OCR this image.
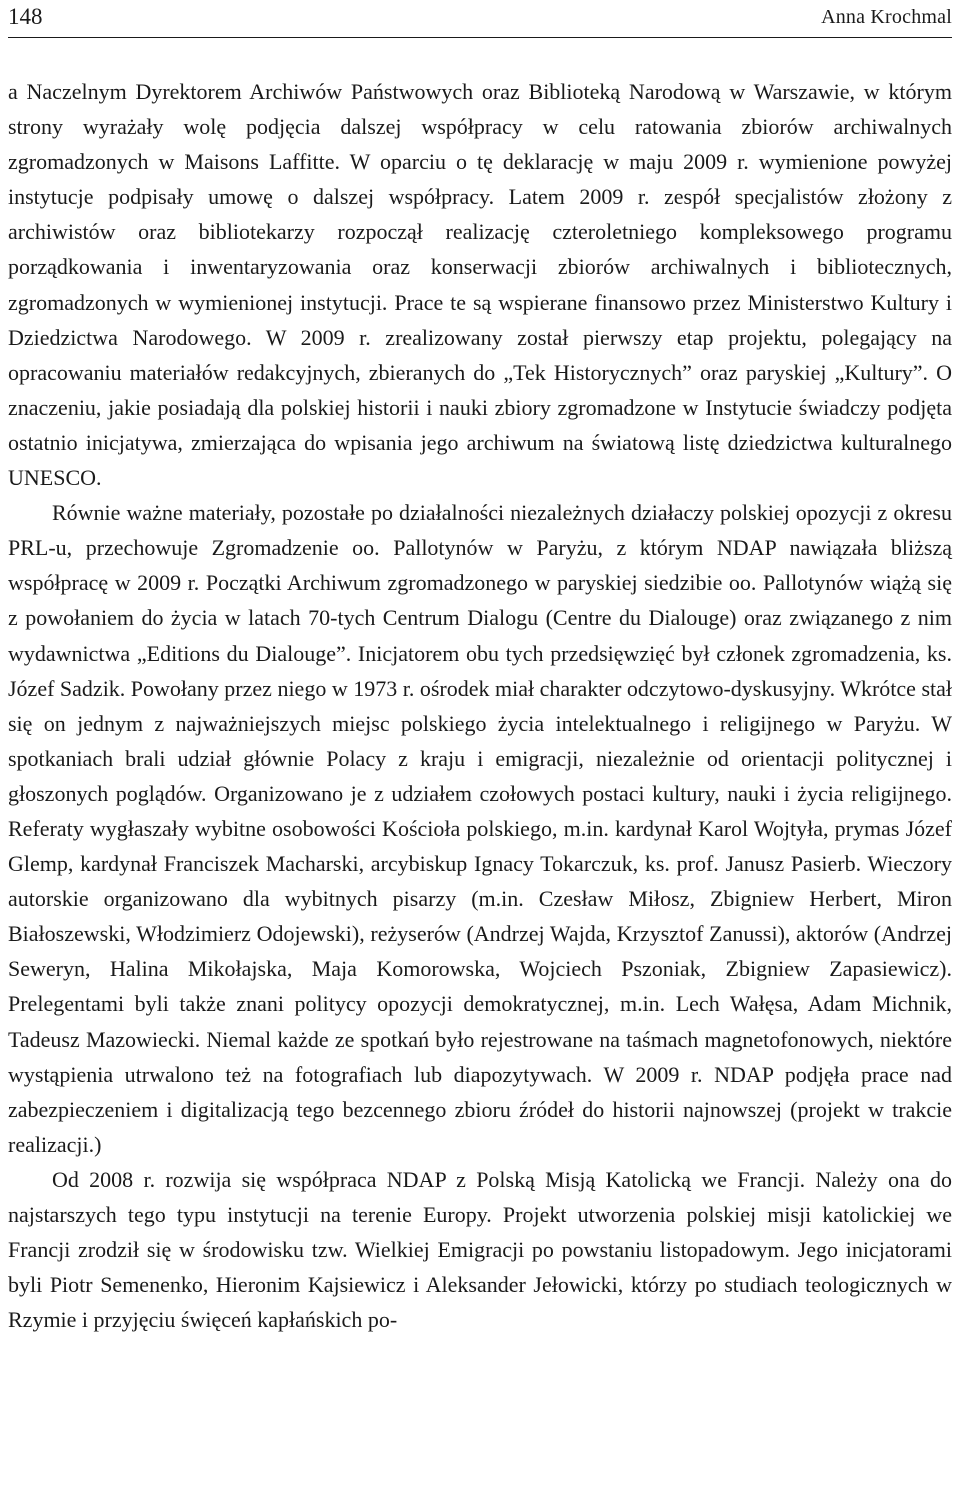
148	Anna Krochmal

a Naczelnym Dyrektorem Archiwów Państwowych oraz Biblioteką Narodową w Warszawie, w którym strony wyrażały wolę podjęcia dalszej współpracy w celu ratowania zbiorów archiwalnych zgromadzonych w Maisons Laffitte. W oparciu o tę deklarację w maju 2009 r. wymienione powyżej instytucje podpisały umowę o dalszej współpracy. Latem 2009 r. zespół specjalistów złożony z archiwistów oraz bibliotekarzy rozpoczął realizację czteroletniego kompleksowego programu porządkowania i inwentaryzowania oraz konserwacji zbiorów archiwalnych i bibliotecznych, zgromadzonych w wymienionej instytucji. Prace te są wspierane finansowo przez Ministerstwo Kultury i Dziedzictwa Narodowego. W 2009 r. zrealizowany został pierwszy etap projektu, polegający na opracowaniu materiałów redakcyjnych, zbieranych do „Tek Historycznych” oraz paryskiej „Kultury”. O znaczeniu, jakie posiadają dla polskiej historii i nauki zbiory zgromadzone w Instytucie świadczy podjęta ostatnio inicjatywa, zmierzająca do wpisania jego archiwum na światową listę dziedzictwa kulturalnego UNESCO.

Równie ważne materiały, pozostałe po działalności niezależnych działaczy polskiej opozycji z okresu PRL-u, przechowuje Zgromadzenie oo. Pallotynów w Paryżu, z którym NDAP nawiązała bliższą współpracę w 2009 r. Początki Archiwum zgromadzonego w paryskiej siedzibie oo. Pallotynów wiążą się z powołaniem do życia w latach 70-tych Centrum Dialogu (Centre du Dialouge) oraz związanego z nim wydawnictwa „Editions du Dialouge”. Inicjatorem obu tych przedsięwzięć był członek zgromadzenia, ks. Józef Sadzik. Powołany przez niego w 1973 r. ośrodek miał charakter odczytowo-dyskusyjny. Wkrótce stał się on jednym z najważniejszych miejsc polskiego życia intelektualnego i religijnego w Paryżu. W spotkaniach brali udział głównie Polacy z kraju i emigracji, niezależnie od orientacji politycznej i głoszonych poglądów. Organizowano je z udziałem czołowych postaci kultury, nauki i życia religijnego. Referaty wygłaszały wybitne osobowości Kościoła polskiego, m.in. kardynał Karol Wojtyła, prymas Józef Glemp, kardynał Franciszek Macharski, arcybiskup Ignacy Tokarczuk, ks. prof. Janusz Pasierb. Wieczory autorskie organizowano dla wybitnych pisarzy (m.in. Czesław Miłosz, Zbigniew Herbert, Miron Białoszewski, Włodzimierz Odojewski), reżyserów (Andrzej Wajda, Krzysztof Zanussi), aktorów (Andrzej Seweryn, Halina Mikołajska, Maja Komorowska, Wojciech Pszoniak, Zbigniew Zapasiewicz). Prelegentami byli także znani politycy opozycji demokratycznej, m.in. Lech Wałęsa, Adam Michnik, Tadeusz Mazowiecki. Niemal każde ze spotkań było rejestrowane na taśmach magnetofonowych, niektóre wystąpienia utrwalono też na fotografiach lub diapozytywach. W 2009 r. NDAP podjęła prace nad zabezpieczeniem i digitalizacją tego bezcennego zbioru źródeł do historii najnowszej (projekt w trakcie realizacji.)

Od 2008 r. rozwija się współpraca NDAP z Polską Misją Katolicką we Francji. Należy ona do najstarszych tego typu instytucji na terenie Europy. Projekt utworzenia polskiej misji katolickiej we Francji zrodził się w środowisku tzw. Wielkiej Emigracji po powstaniu listopadowym. Jego inicjatorami byli Piotr Semenenko, Hieronim Kajsiewicz i Aleksander Jełowicki, którzy po studiach teologicznych w Rzymie i przyjęciu święceń kapłańskich po-
